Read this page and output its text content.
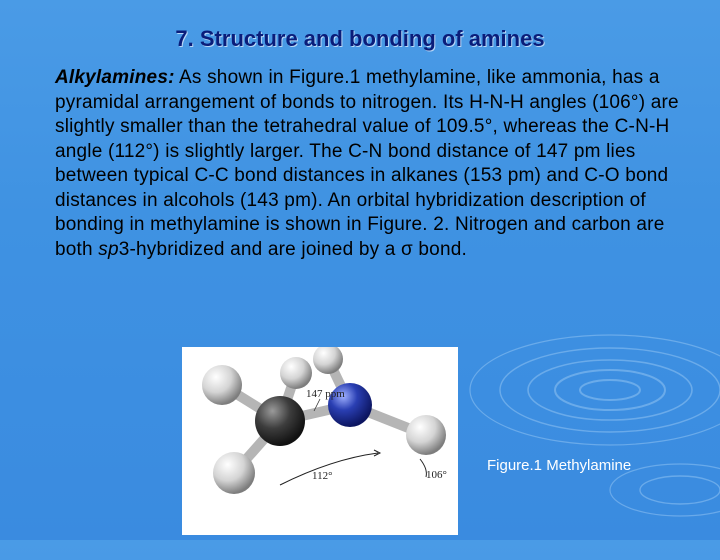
7. Structure and bonding of amines
Alkylamines: As shown in Figure.1 methylamine, like ammonia, has a pyramidal arrangement of bonds to nitrogen. Its H-N-H angles (106°) are slightly smaller than the tetrahedral value of 109.5°, whereas the C-N-H angle (112°) is slightly larger. The C-N bond distance of 147 pm lies between typical C-C bond distances in alkanes (153 pm) and C-O bond distances in alcohols (143 pm). An orbital hybridization description of bonding in methylamine is shown in Figure. 2. Nitrogen and carbon are both sp3-hybridized and are joined by a σ bond.
147 ppm
112°	106°
Figure.1 Methylamine
